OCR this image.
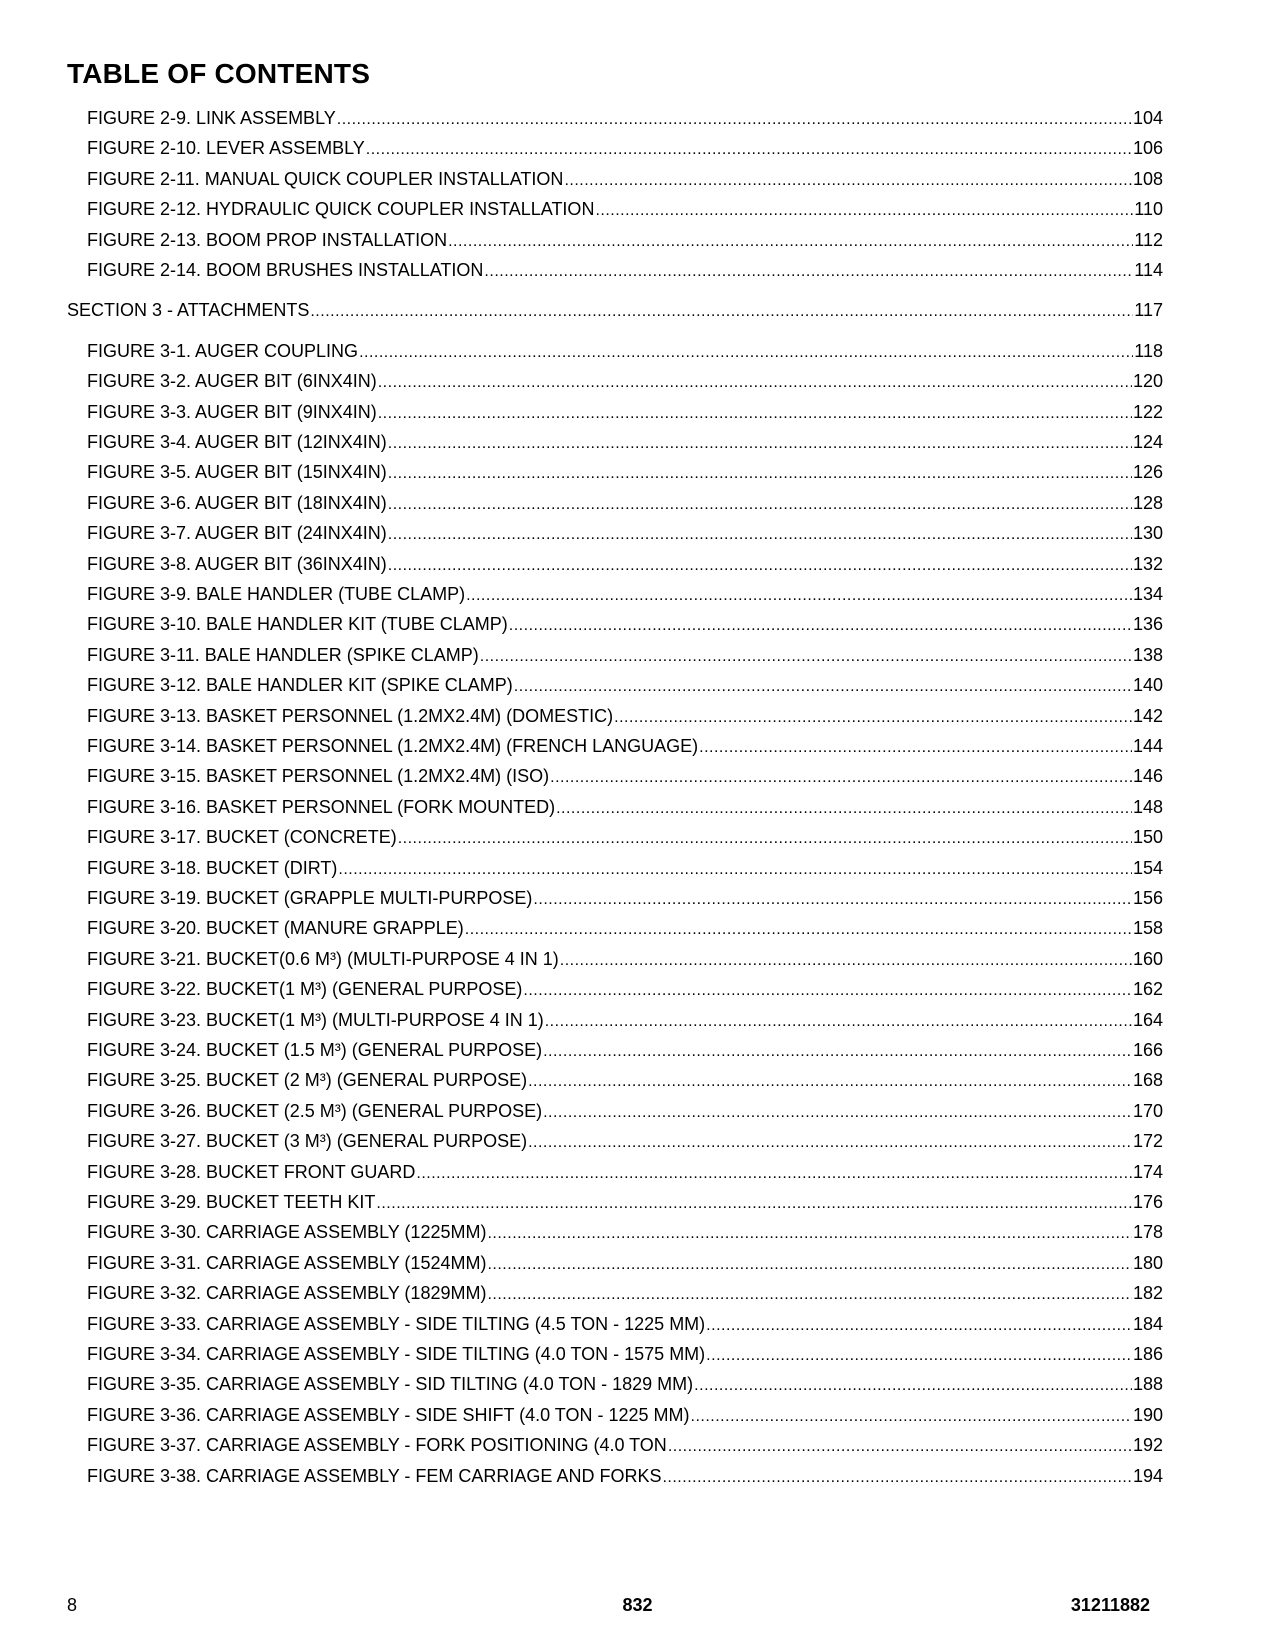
TABLE OF CONTENTS
FIGURE 2-9. LINK ASSEMBLY .....	104
FIGURE 2-10. LEVER ASSEMBLY .....	106
FIGURE 2-11. MANUAL QUICK COUPLER INSTALLATION .....	108
FIGURE 2-12. HYDRAULIC QUICK COUPLER INSTALLATION .....	110
FIGURE 2-13. BOOM PROP INSTALLATION .....	112
FIGURE 2-14. BOOM BRUSHES INSTALLATION .....	114
SECTION 3 - ATTACHMENTS .....	117
FIGURE 3-1. AUGER COUPLING .....	118
FIGURE 3-2. AUGER BIT (6INX4IN) .....	120
FIGURE 3-3. AUGER BIT (9INX4IN) .....	122
FIGURE 3-4. AUGER BIT (12INX4IN) .....	124
FIGURE 3-5. AUGER BIT (15INX4IN) .....	126
FIGURE 3-6. AUGER BIT (18INX4IN) .....	128
FIGURE 3-7. AUGER BIT (24INX4IN) .....	130
FIGURE 3-8. AUGER BIT (36INX4IN) .....	132
FIGURE 3-9. BALE HANDLER (TUBE CLAMP) .....	134
FIGURE 3-10. BALE HANDLER KIT (TUBE CLAMP) .....	136
FIGURE 3-11. BALE HANDLER (SPIKE CLAMP) .....	138
FIGURE 3-12. BALE HANDLER KIT (SPIKE CLAMP) .....	140
FIGURE 3-13. BASKET PERSONNEL (1.2MX2.4M) (DOMESTIC) .....	142
FIGURE 3-14. BASKET PERSONNEL (1.2MX2.4M) (FRENCH LANGUAGE) .....	144
FIGURE 3-15. BASKET PERSONNEL (1.2MX2.4M) (ISO) .....	146
FIGURE 3-16. BASKET PERSONNEL (FORK MOUNTED) .....	148
FIGURE 3-17. BUCKET (CONCRETE) .....	150
FIGURE 3-18. BUCKET (DIRT) .....	154
FIGURE 3-19. BUCKET (GRAPPLE MULTI-PURPOSE) .....	156
FIGURE 3-20. BUCKET (MANURE GRAPPLE) .....	158
FIGURE 3-21. BUCKET(0.6 M³) (MULTI-PURPOSE 4 IN 1) .....	160
FIGURE 3-22. BUCKET(1 M³) (GENERAL PURPOSE) .....	162
FIGURE 3-23. BUCKET(1 M³) (MULTI-PURPOSE 4 IN 1) .....	164
FIGURE 3-24. BUCKET (1.5 M³) (GENERAL PURPOSE) .....	166
FIGURE 3-25. BUCKET (2 M³) (GENERAL PURPOSE) .....	168
FIGURE 3-26. BUCKET (2.5 M³) (GENERAL PURPOSE) .....	170
FIGURE 3-27. BUCKET (3 M³) (GENERAL PURPOSE) .....	172
FIGURE 3-28. BUCKET FRONT GUARD .....	174
FIGURE 3-29. BUCKET TEETH KIT .....	176
FIGURE 3-30. CARRIAGE ASSEMBLY (1225MM) .....	178
FIGURE 3-31. CARRIAGE ASSEMBLY (1524MM) .....	180
FIGURE 3-32. CARRIAGE ASSEMBLY (1829MM) .....	182
FIGURE 3-33. CARRIAGE ASSEMBLY - SIDE TILTING (4.5 TON - 1225 MM) .....	184
FIGURE 3-34. CARRIAGE ASSEMBLY - SIDE TILTING (4.0 TON - 1575 MM) .....	186
FIGURE 3-35. CARRIAGE ASSEMBLY - SID TILTING (4.0 TON - 1829 MM) .....	188
FIGURE 3-36. CARRIAGE ASSEMBLY - SIDE SHIFT (4.0 TON - 1225 MM) .....	190
FIGURE 3-37. CARRIAGE ASSEMBLY - FORK POSITIONING (4.0 TON .....	192
FIGURE 3-38. CARRIAGE ASSEMBLY - FEM CARRIAGE AND FORKS .....	194
8	832	31211882
